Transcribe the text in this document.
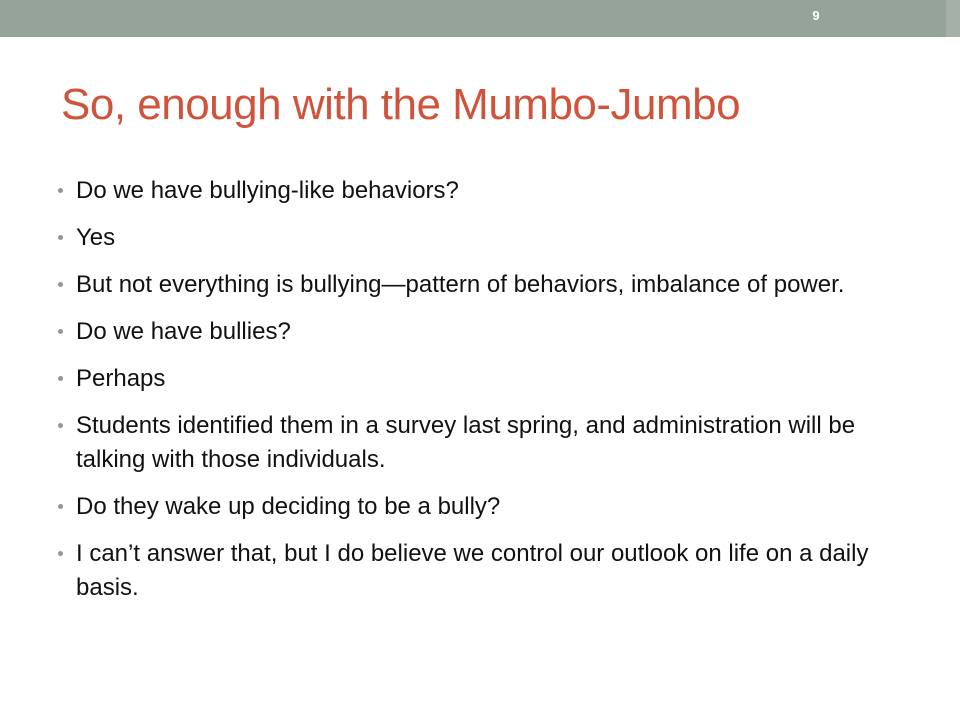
9
So, enough with the Mumbo-Jumbo
Do we have bullying-like behaviors?
Yes
But not everything is bullying—pattern of behaviors, imbalance of power.
Do we have bullies?
Perhaps
Students identified them in a survey last spring, and administration will be talking with those individuals.
Do they wake up deciding to be a bully?
I can’t answer that, but I do believe we control our outlook on life on a daily basis.
